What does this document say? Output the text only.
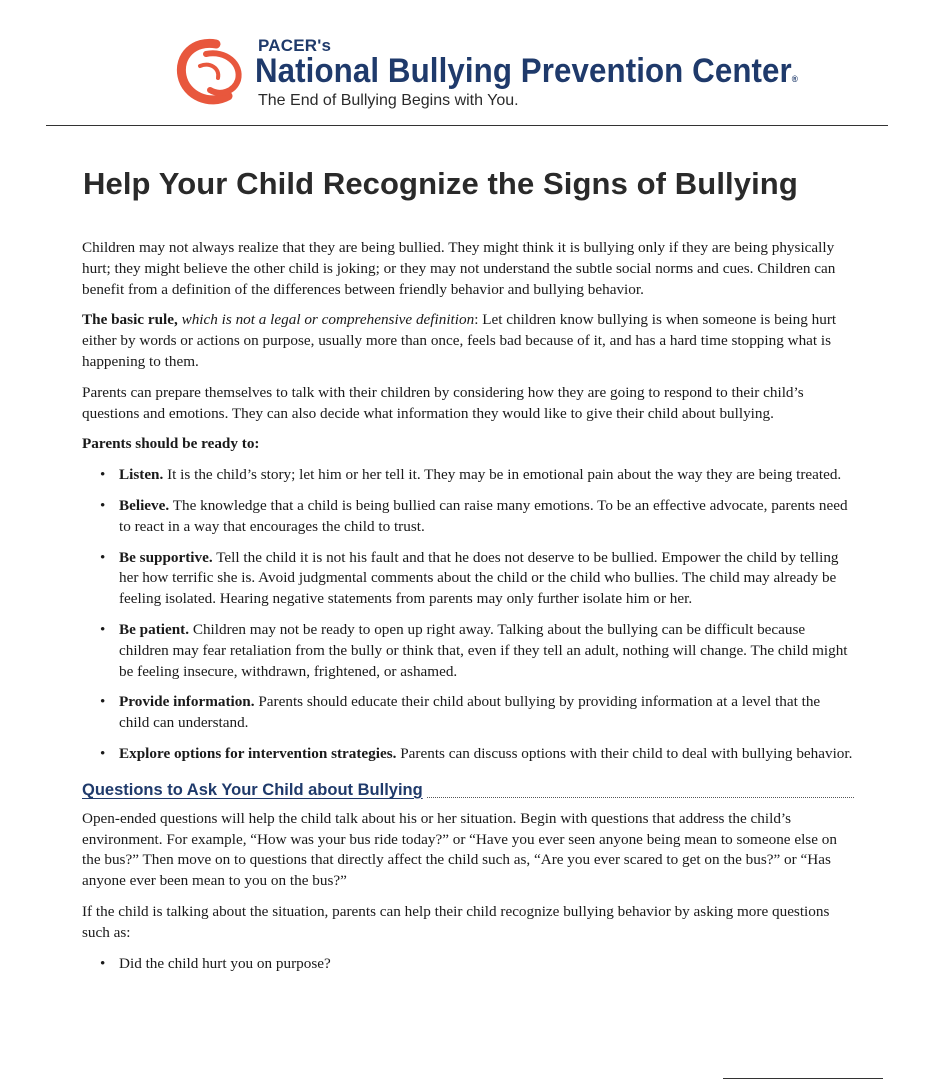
PACER's
National Bullying Prevention Center®
The End of Bullying Begins with You.
Help Your Child Recognize the Signs of Bullying

Children may not always realize that they are being bullied. They might think it is bullying only if they are being physically hurt; they might believe the other child is joking; or they may not understand the subtle social norms and cues. Children can benefit from a definition of the differences between friendly behavior and bullying behavior.

The basic rule, which is not a legal or comprehensive definition: Let children know bullying is when someone is being hurt either by words or actions on purpose, usually more than once, feels bad because of it, and has a hard time stopping what is happening to them.

Parents can prepare themselves to talk with their children by considering how they are going to respond to their child’s questions and emotions. They can also decide what information they would like to give their child about bullying.

Parents should be ready to:

• Listen. It is the child’s story; let him or her tell it. They may be in emotional pain about the way they are being treated.
• Believe. The knowledge that a child is being bullied can raise many emotions. To be an effective advocate, parents need to react in a way that encourages the child to trust.
• Be supportive. Tell the child it is not his fault and that he does not deserve to be bullied. Empower the child by telling her how terrific she is. Avoid judgmental comments about the child or the child who bullies. The child may already be feeling isolated. Hearing negative statements from parents may only further isolate him or her.
• Be patient. Children may not be ready to open up right away. Talking about the bullying can be difficult because children may fear retaliation from the bully or think that, even if they tell an adult, nothing will change. The child might be feeling insecure, withdrawn, frightened, or ashamed.
• Provide information. Parents should educate their child about bullying by providing information at a level that the child can understand.
• Explore options for intervention strategies. Parents can discuss options with their child to deal with bullying behavior.
Questions to Ask Your Child about Bullying

Open-ended questions will help the child talk about his or her situation. Begin with questions that address the child’s environment. For example, “How was your bus ride today?” or “Have you ever seen anyone being mean to someone else on the bus?” Then move on to questions that directly affect the child such as, “Are you ever scared to get on the bus?” or “Has anyone ever been mean to you on the bus?”

If the child is talking about the situation, parents can help their child recognize bullying behavior by asking more questions such as:

• Did the child hurt you on purpose?
